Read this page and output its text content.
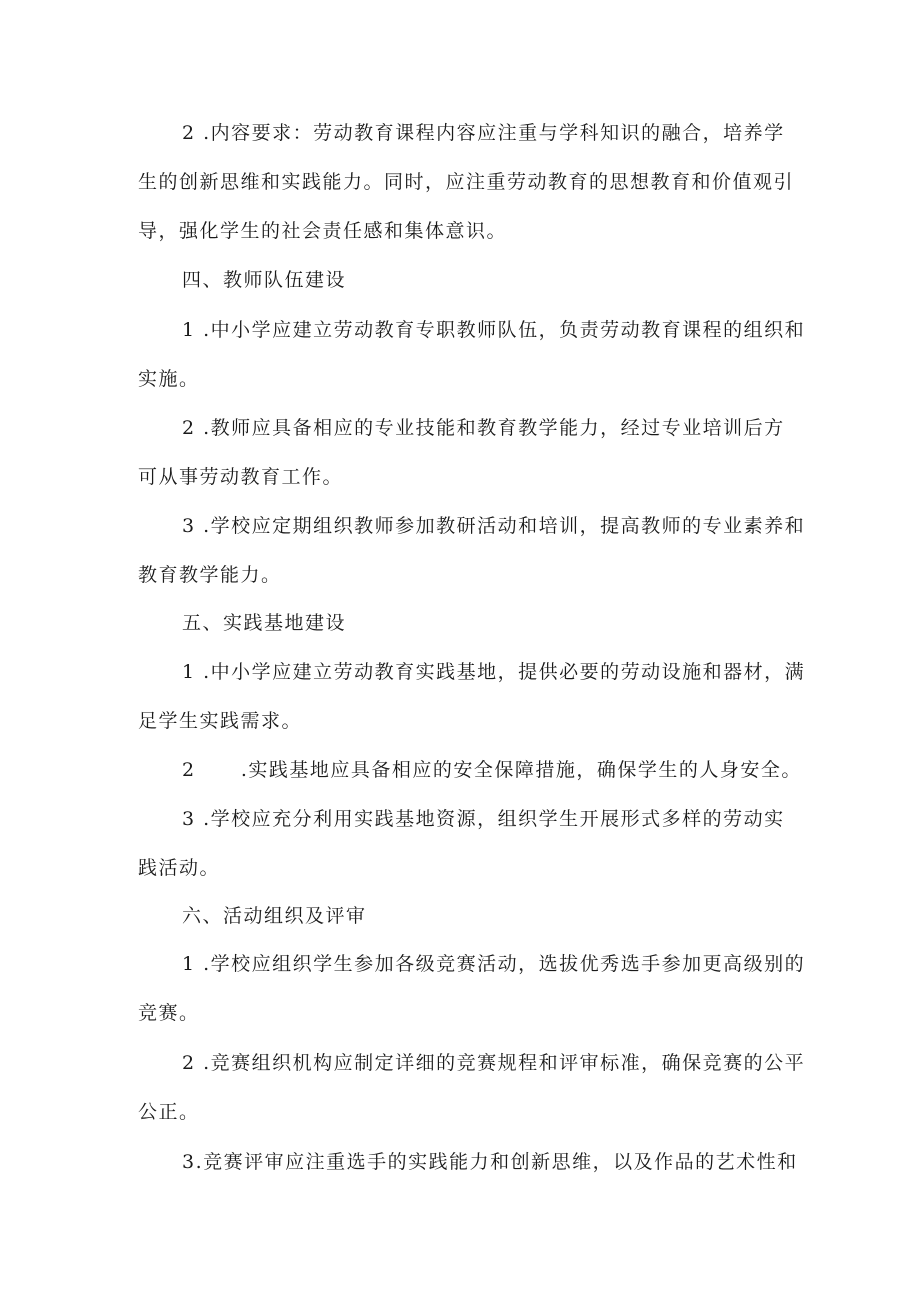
2 .内容要求：劳动教育课程内容应注重与学科知识的融合，培养学
生的创新思维和实践能力。同时，应注重劳动教育的思想教育和价值观引
导，强化学生的社会责任感和集体意识。
四、教师队伍建设
1 .中小学应建立劳动教育专职教师队伍，负责劳动教育课程的组织和
实施。
2 .教师应具备相应的专业技能和教育教学能力，经过专业培训后方
可从事劳动教育工作。
3 .学校应定期组织教师参加教研活动和培训，提高教师的专业素养和
教育教学能力。
五、实践基地建设
1 .中小学应建立劳动教育实践基地，提供必要的劳动设施和器材，满
足学生实践需求。
2      .实践基地应具备相应的安全保障措施，确保学生的人身安全。
3 .学校应充分利用实践基地资源，组织学生开展形式多样的劳动实
践活动。
六、活动组织及评审
1 .学校应组织学生参加各级竞赛活动，选拔优秀选手参加更高级别的
竞赛。
2 .竞赛组织机构应制定详细的竞赛规程和评审标准，确保竞赛的公平
公正。
3.竞赛评审应注重选手的实践能力和创新思维，以及作品的艺术性和
